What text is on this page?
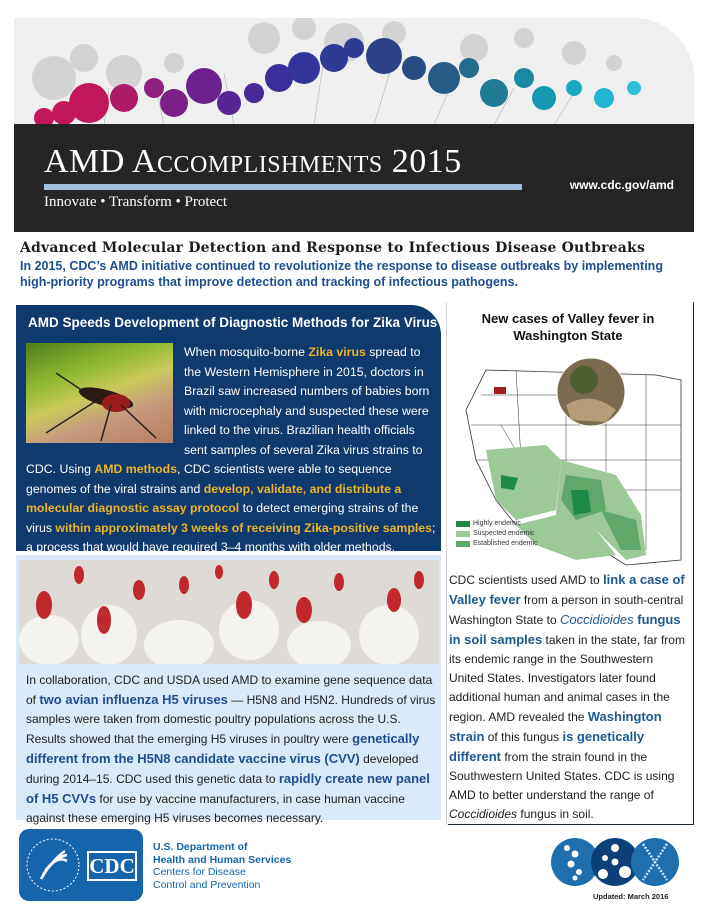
AMD Accomplishments 2015
Innovate • Transform • Protect
www.cdc.gov/amd
Advanced Molecular Detection and Response to Infectious Disease Outbreaks
In 2015, CDC’s AMD initiative continued to revolutionize the response to disease outbreaks by implementing high-priority programs that improve detection and tracking of infectious pathogens.
AMD Speeds Development of Diagnostic Methods for Zika Virus
When mosquito-borne Zika virus spread to the Western Hemisphere in 2015, doctors in Brazil saw increased numbers of babies born with microcephaly and suspected these were linked to the virus. Brazilian health officials sent samples of several Zika virus strains to CDC. Using AMD methods, CDC scientists were able to sequence genomes of the viral strains and develop, validate, and distribute a molecular diagnostic assay protocol to detect emerging strains of the virus within approximately 3 weeks of receiving Zika-positive samples; a process that would have required 3–4 months with older methods.
In collaboration, CDC and USDA used AMD to examine gene sequence data of two avian influenza H5 viruses — H5N8 and H5N2. Hundreds of virus samples were taken from domestic poultry populations across the U.S. Results showed that the emerging H5 viruses in poultry were genetically different from the H5N8 candidate vaccine virus (CVV) developed during 2014–15. CDC used this genetic data to rapidly create new panel of H5 CVVs for use by vaccine manufacturers, in case human vaccine against these emerging H5 viruses becomes necessary.
New cases of Valley fever in Washington State
Highly endemic
Suspected endemic
Established endemic
CDC scientists used AMD to link a case of Valley fever from a person in south-central Washington State to Coccidioides fungus in soil samples taken in the state, far from its endemic range in the Southwestern United States. Investigators later found additional human and animal cases in the region. AMD revealed the Washington strain of this fungus is genetically different from the strain found in the Southwestern United States. CDC is using AMD to better understand the range of Coccidioides fungus in soil.
CDC
U.S. Department of
Health and Human Services
Centers for Disease
Control and Prevention
Updated: March 2016
